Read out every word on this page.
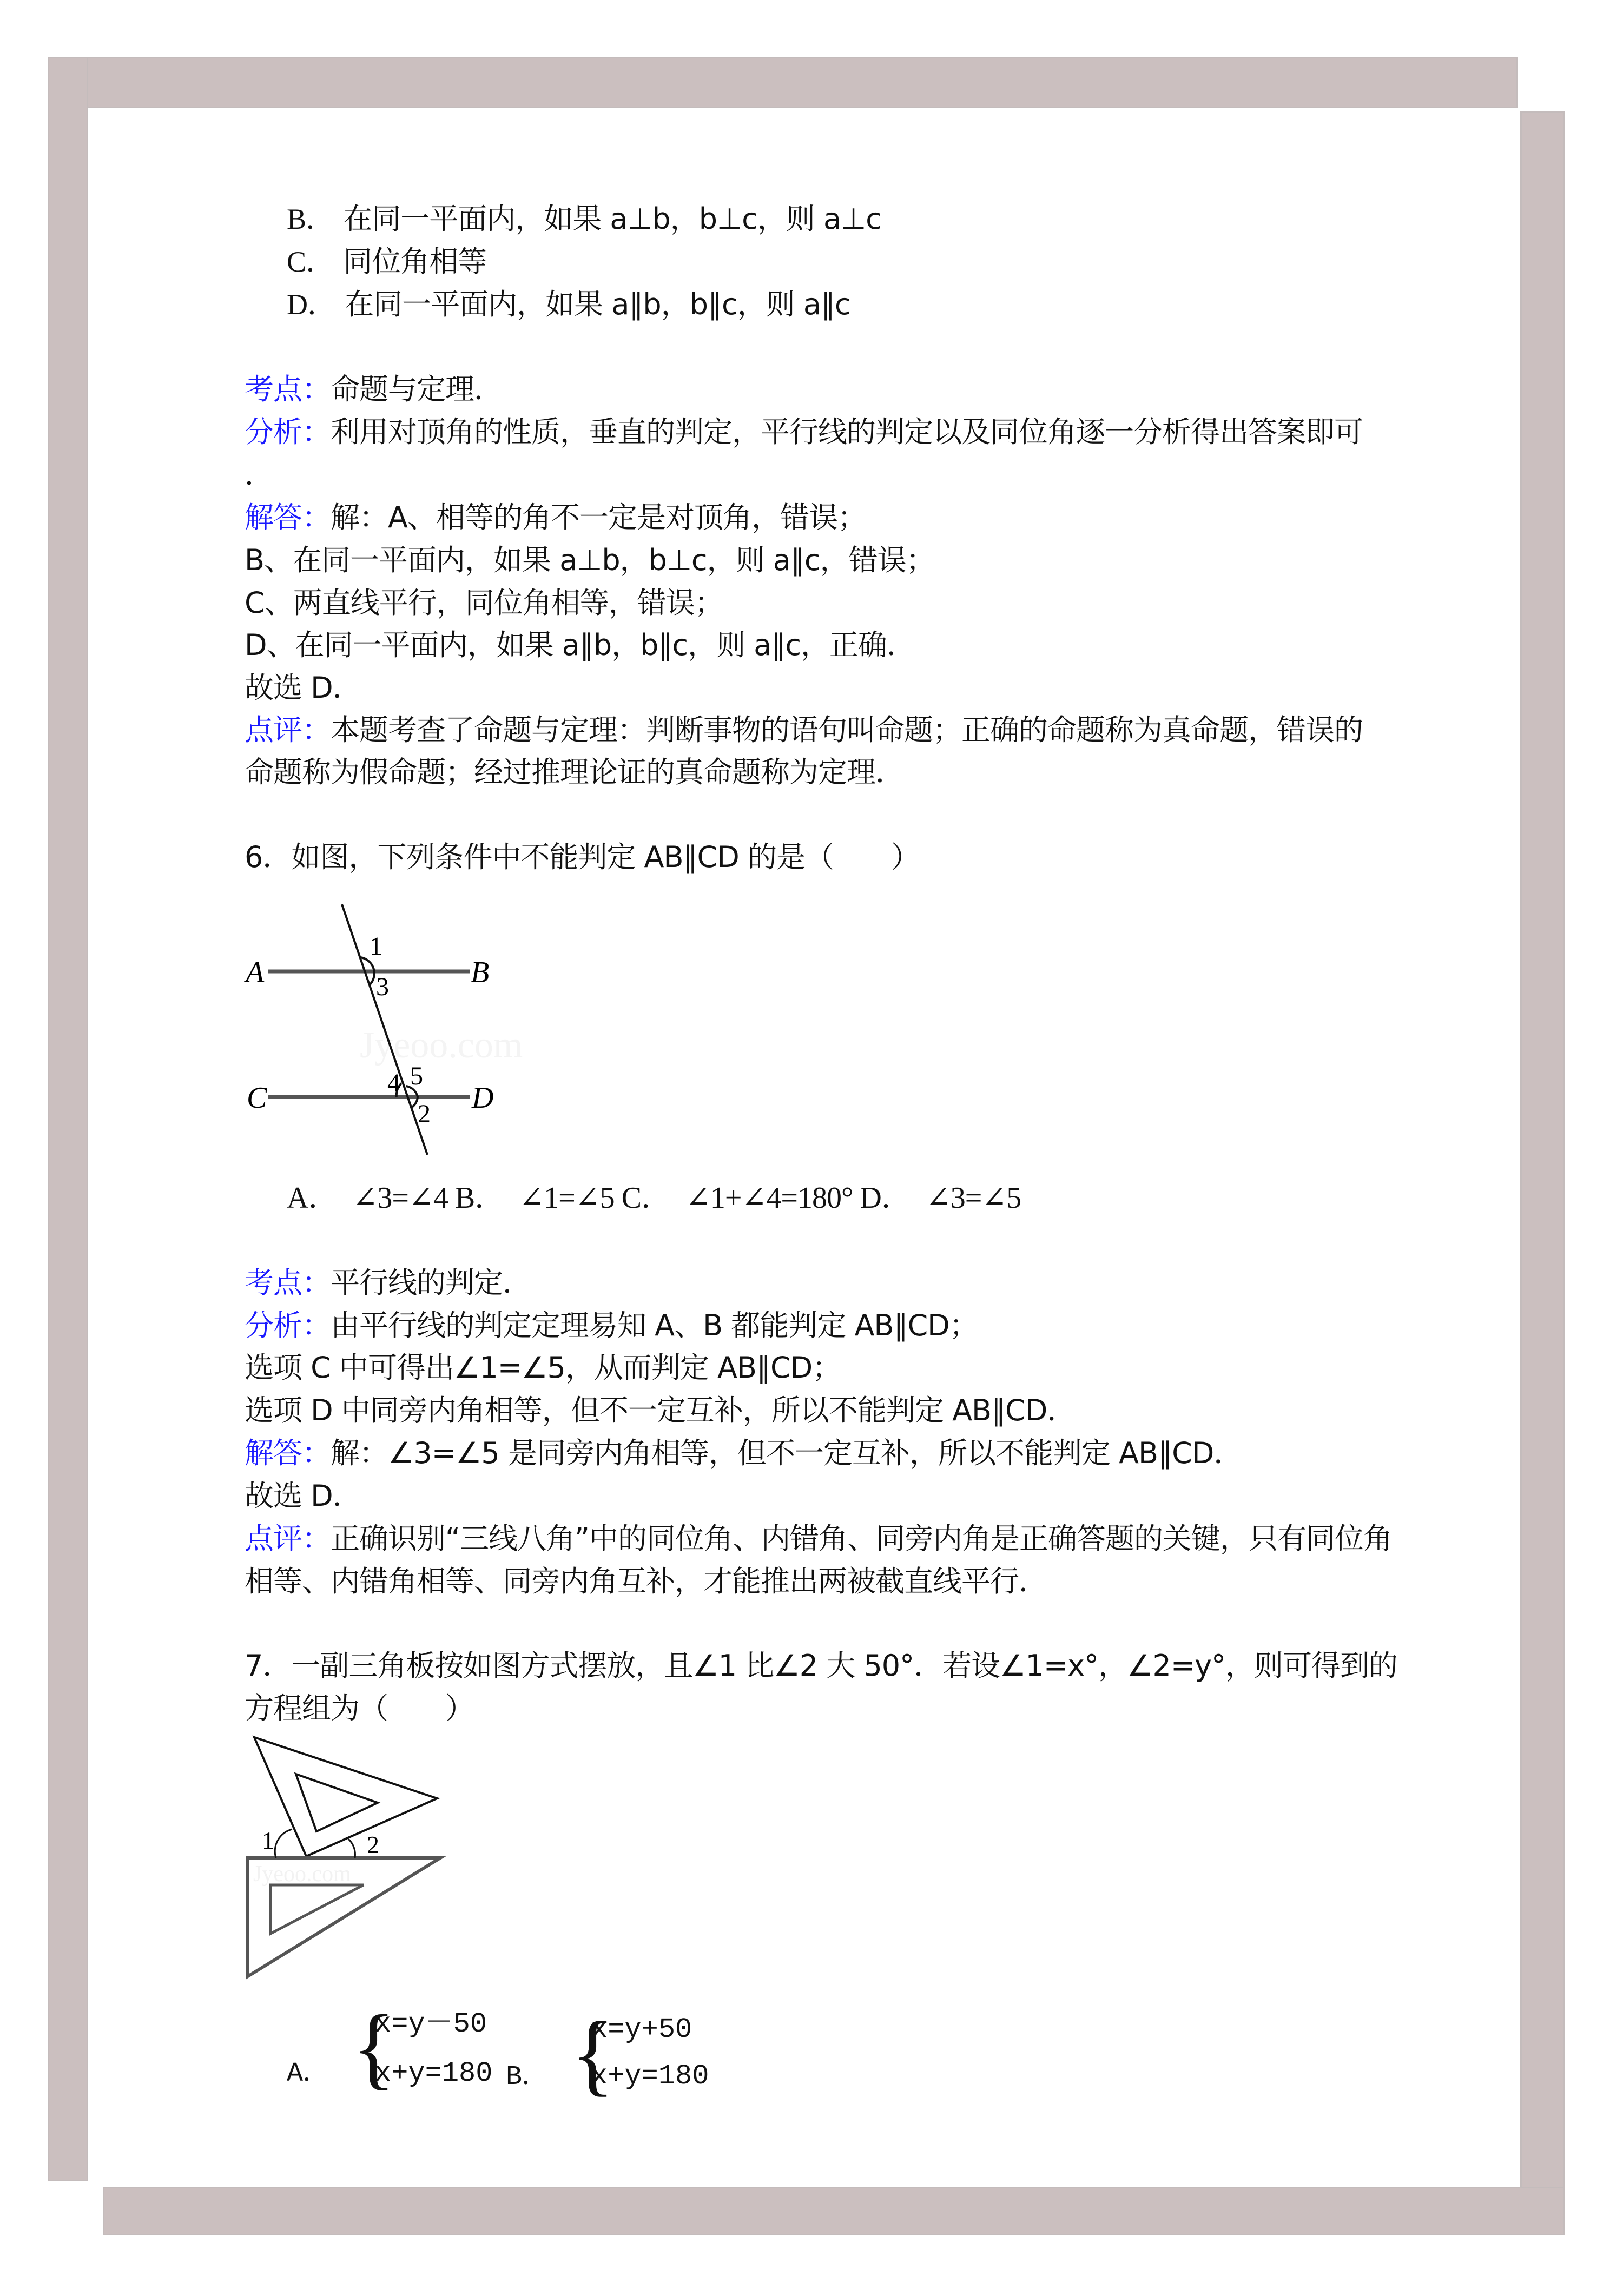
B． 在同一平面内，如果 a⊥b，b⊥c，则 a⊥c
C． 同位角相等
D． 在同一平面内，如果 a∥b，b∥c，则 a∥c
考点：命题与定理．
分析：利用对顶角的性质，垂直的判定，平行线的判定以及同位角逐一分析得出答案即可
．
解答：解：A、相等的角不一定是对顶角，错误；
B、在同一平面内，如果 a⊥b，b⊥c，则 a∥c，错误；
C、两直线平行，同位角相等，错误；
D、在同一平面内，如果 a∥b，b∥c，则 a∥c，正确．
故选 D．
点评：本题考查了命题与定理：判断事物的语句叫命题；正确的命题称为真命题，错误的
命题称为假命题；经过推理论证的真命题称为定理．
6．如图，下列条件中不能判定 AB∥CD 的是（　　）
Jyeoo.com
A	B
C	D
1
3
4 5
2
A．　∠3=∠4 B．　∠1=∠5 C．　∠1+∠4=180° D．　∠3=∠5
考点：平行线的判定．
分析：由平行线的判定定理易知 A、B 都能判定 AB∥CD；
选项 C 中可得出∠1=∠5，从而判定 AB∥CD；
选项 D 中同旁内角相等，但不一定互补，所以不能判定 AB∥CD．
解答：解：∠3=∠5 是同旁内角相等，但不一定互补，所以不能判定 AB∥CD．
故选 D．
点评：正确识别“三线八角”中的同位角、内错角、同旁内角是正确答题的关键，只有同位角
相等、内错角相等、同旁内角互补，才能推出两被截直线平行．
7．一副三角板按如图方式摆放，且∠1 比∠2 大 50°．若设∠1=x°，∠2=y°，则可得到的
方程组为（　　）
Jyeoo.com
1	2
A． {
x=y－50
x+y=180 B． {
x=y+50
x+y=180
